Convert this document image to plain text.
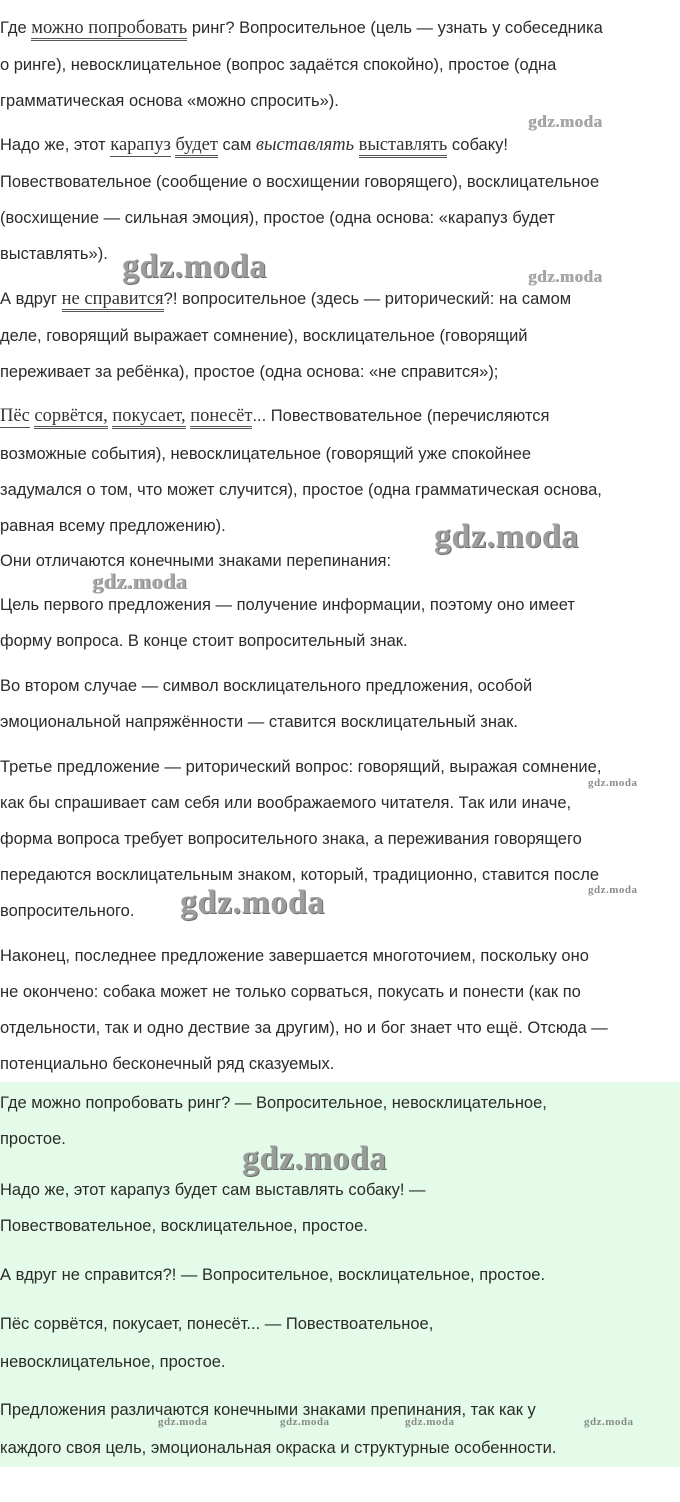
Где можно попробовать ринг? Вопросительное (цель — узнать у собеседника

о ринге), невосклицательное (вопрос задаётся спокойно), простое (одна

грамматическая основа «можно спросить»).

Надо же, этот карапуз будет сам выставлять выставлять собаку!

Повествовательное (сообщение о восхищении говорящего), восклицательное

(восхищение — сильная эмоция), простое (одна основа: «карапуз будет

выставлять»).

А вдруг не справится?! вопросительное (здесь — риторический: на самом

деле, говорящий выражает сомнение), восклицательное (говорящий

переживает за ребёнка), простое (одна основа: «не справится»);

Пёс сорвётся, покусает, понесёт... Повествовательное (перечисляются

возможные события), невосклицательное (говорящий уже спокойнее

задумался о том, что может случится), простое (одна грамматическая основа,

равная всему предложению).

Они отличаются конечными знаками перепинания:

Цель первого предложения — получение информации, поэтому оно имеет

форму вопроса. В конце стоит вопросительный знак.

Во втором случае — символ восклицательного предложения, особой

эмоциональной напряжённости — ставится восклицательный знак.

Третье предложение — риторический вопрос: говорящий, выражая сомнение,

как бы спрашивает сам себя или воображаемого читателя. Так или иначе,

форма вопроса требует вопросительного знака, а переживания говорящего

передаются восклицательным знаком, который, традиционно, ставится после

вопросительного.

Наконец, последнее предложение завершается многоточием, поскольку оно

не окончено: собака может не только сорваться, покусать и понести (как по

отдельности, так и одно дествие за другим), но и бог знает что ещё. Отсюда —

потенциально бесконечный ряд сказуемых.

Где можно попробовать ринг? — Вопросительное, невосклицательное,

простое.

Надо же, этот карапуз будет сам выставлять собаку! —

Повествовательное, восклицательное, простое.

А вдруг не справится?! — Вопросительное, восклицательное, простое.

Пёс сорвётся, покусает, понесёт... — Повествоательное,

невосклицательное, простое.

Предложения различаются конечными знаками препинания, так как у

каждого своя цель, эмоциональная окраска и структурные особенности.

gdz.moda
gdz.moda	gdz.moda
gdz.moda
gdz.moda
gdz.moda
gdz.moda
gdz.moda
gdz.moda
gdz.moda	gdz.moda	gdz.moda	gdz.moda
